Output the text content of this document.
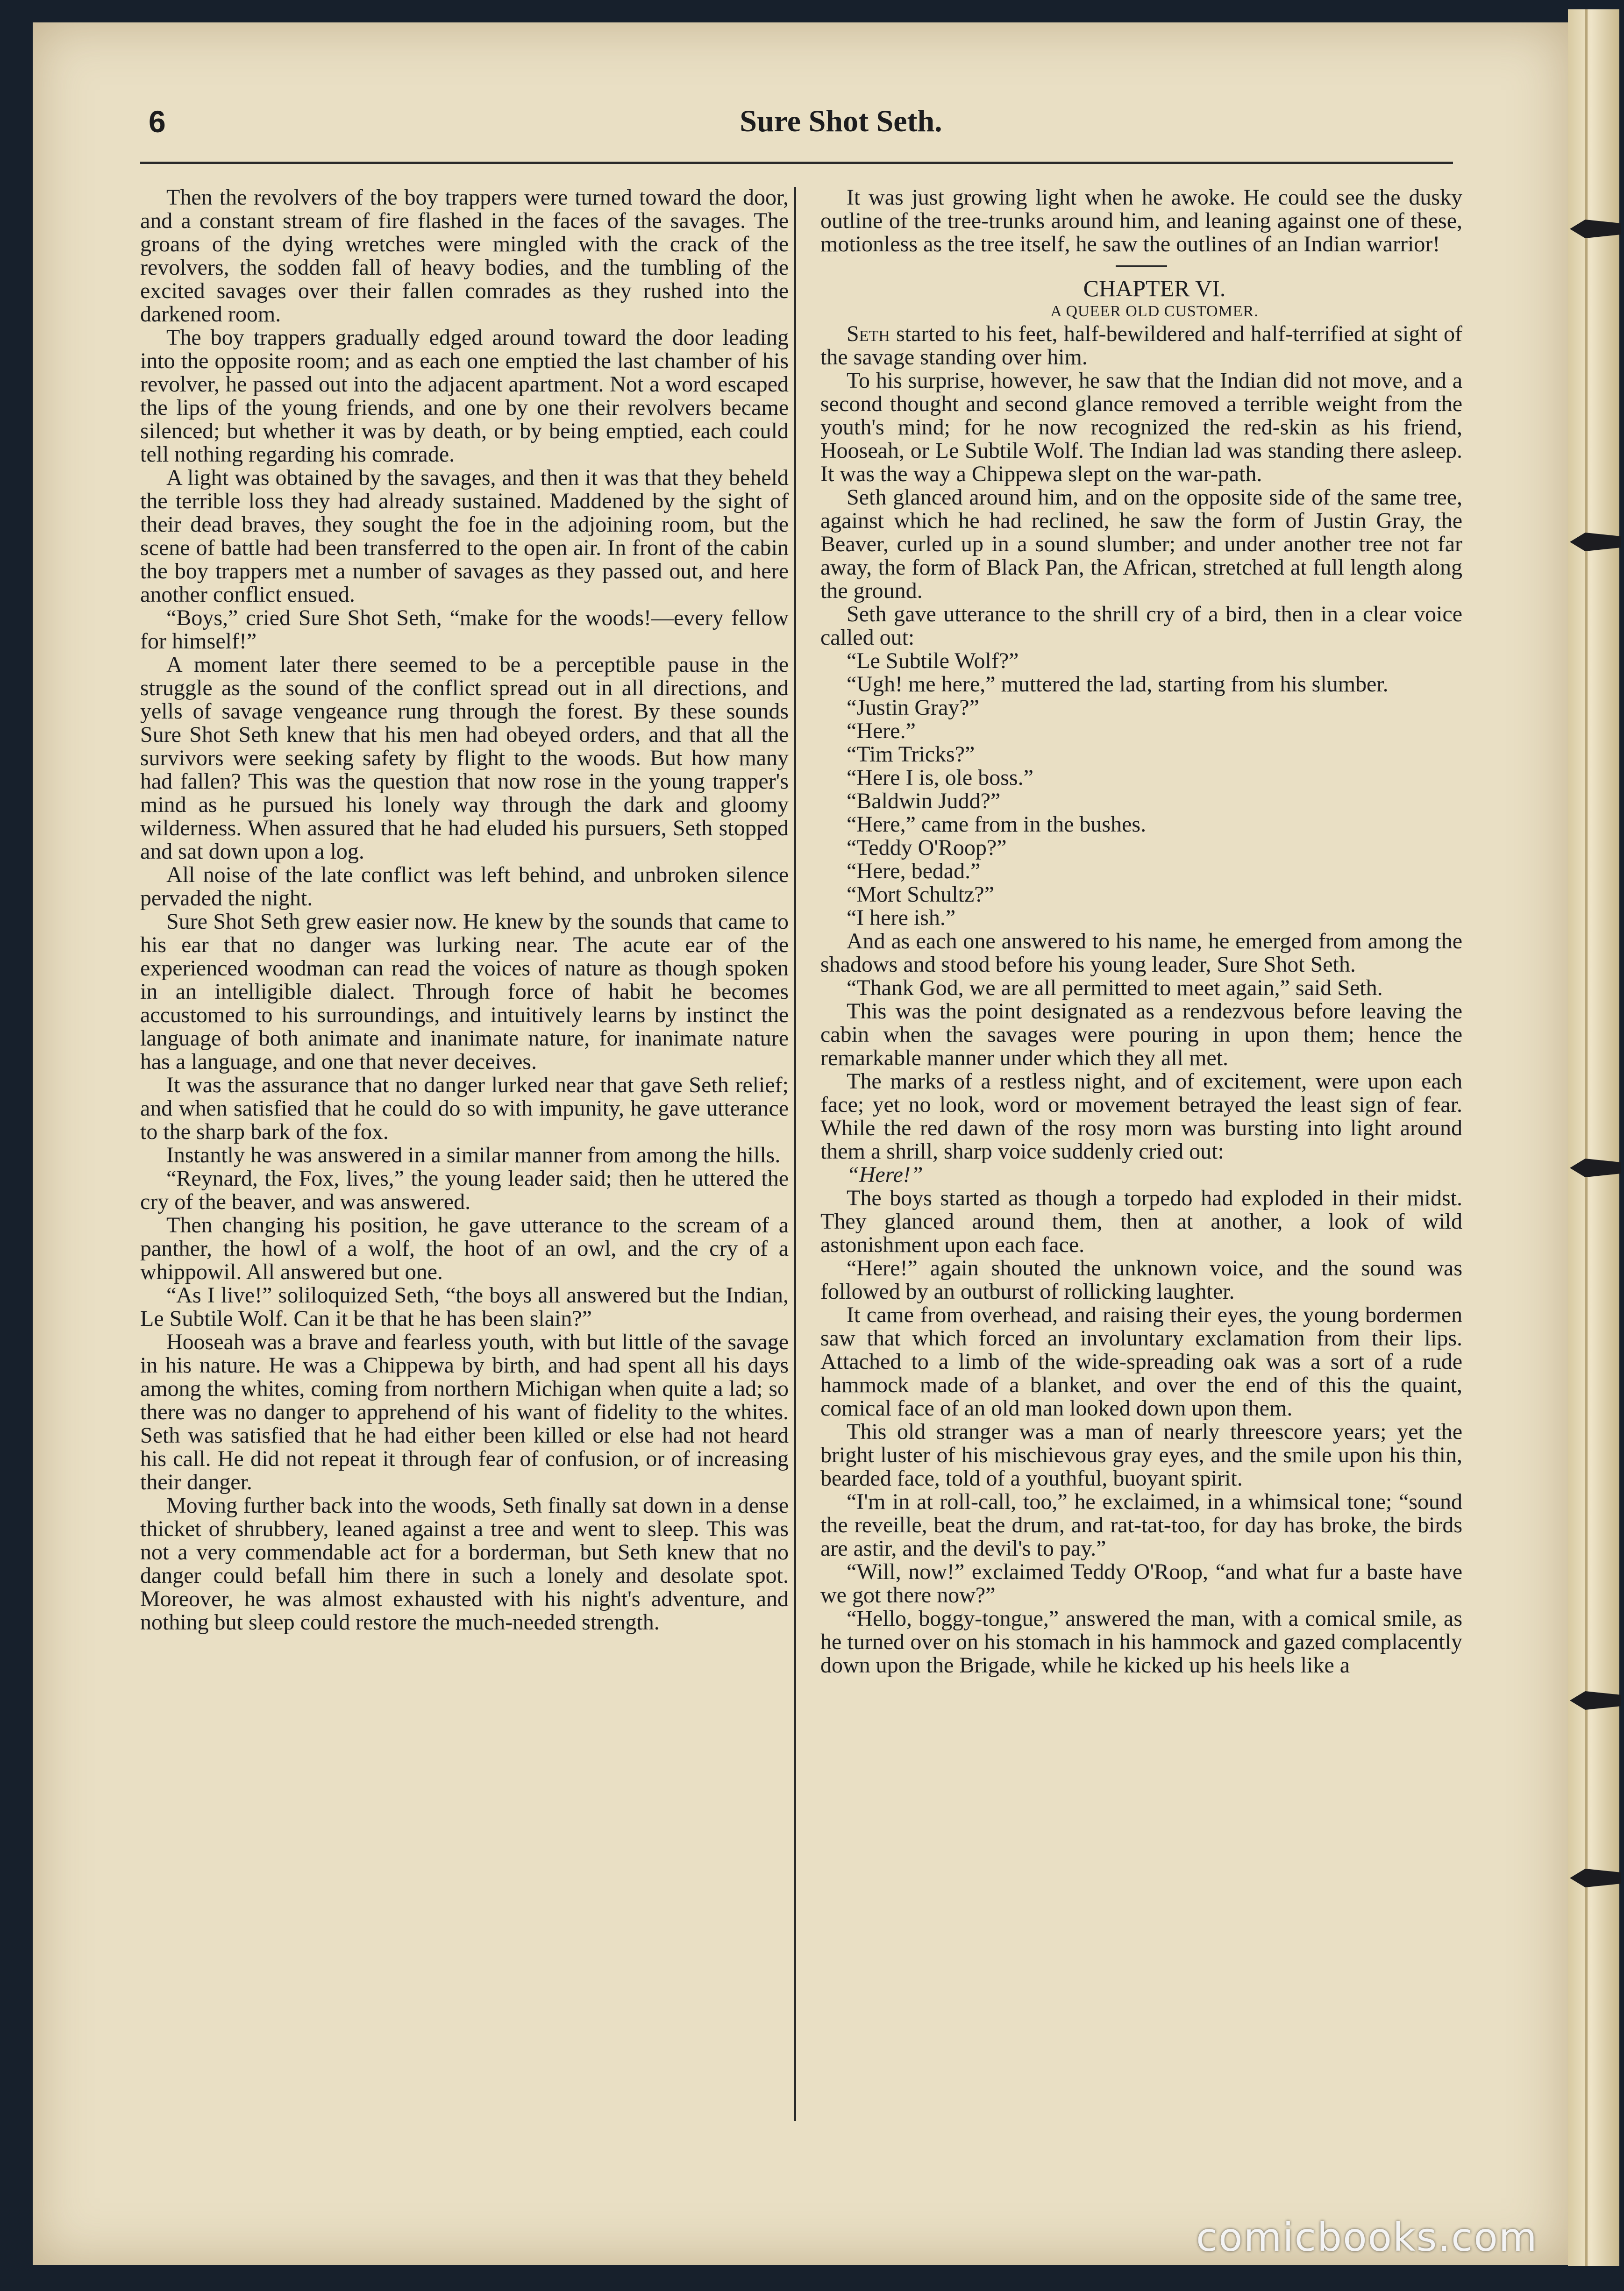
6	Sure Shot Seth.

Then the revolvers of the boy trappers were turned toward the door, and a constant stream of fire flashed in the faces of the savages. The groans of the dying wretches were mingled with the crack of the revolvers, the sodden fall of heavy bodies, and the tumbling of the excited savages over their fallen comrades as they rushed into the darkened room.

The boy trappers gradually edged around toward the door leading into the opposite room; and as each one emptied the last chamber of his revolver, he passed out into the adjacent apartment. Not a word escaped the lips of the young friends, and one by one their revolvers became silenced; but whether it was by death, or by being emptied, each could tell nothing regarding his comrade.

A light was obtained by the savages, and then it was that they beheld the terrible loss they had already sustained. Maddened by the sight of their dead braves, they sought the foe in the adjoining room, but the scene of battle had been transferred to the open air. In front of the cabin the boy trappers met a number of savages as they passed out, and here another conflict ensued.

“Boys,” cried Sure Shot Seth, “make for the woods!—every fellow for himself!”

A moment later there seemed to be a perceptible pause in the struggle as the sound of the conflict spread out in all directions, and yells of savage vengeance rung through the forest. By these sounds Sure Shot Seth knew that his men had obeyed orders, and that all the survivors were seeking safety by flight to the woods. But how many had fallen? This was the question that now rose in the young trapper's mind as he pursued his lonely way through the dark and gloomy wilderness. When assured that he had eluded his pursuers, Seth stopped and sat down upon a log.

All noise of the late conflict was left behind, and unbroken silence pervaded the night.

Sure Shot Seth grew easier now. He knew by the sounds that came to his ear that no danger was lurking near. The acute ear of the experienced woodman can read the voices of nature as though spoken in an intelligible dialect. Through force of habit he becomes accustomed to his surroundings, and intuitively learns by instinct the language of both animate and inanimate nature, for inanimate nature has a language, and one that never deceives.

It was the assurance that no danger lurked near that gave Seth relief; and when satisfied that he could do so with impunity, he gave utterance to the sharp bark of the fox.

Instantly he was answered in a similar manner from among the hills.

“Reynard, the Fox, lives,” the young leader said; then he uttered the cry of the beaver, and was answered.

Then changing his position, he gave utterance to the scream of a panther, the howl of a wolf, the hoot of an owl, and the cry of a whippowil. All answered but one.

“As I live!” soliloquized Seth, “the boys all answered but the Indian, Le Subtile Wolf. Can it be that he has been slain?”

Hooseah was a brave and fearless youth, with but little of the savage in his nature. He was a Chippewa by birth, and had spent all his days among the whites, coming from northern Michigan when quite a lad; so there was no danger to apprehend of his want of fidelity to the whites. Seth was satisfied that he had either been killed or else had not heard his call. He did not repeat it through fear of confusion, or of increasing their danger.

Moving further back into the woods, Seth finally sat down in a dense thicket of shrubbery, leaned against a tree and went to sleep. This was not a very commendable act for a borderman, but Seth knew that no danger could befall him there in such a lonely and desolate spot. Moreover, he was almost exhausted with his night's adventure, and nothing but sleep could restore the much-needed strength.

It was just growing light when he awoke. He could see the dusky outline of the tree-trunks around him, and leaning against one of these, motionless as the tree itself, he saw the outlines of an Indian warrior!

CHAPTER VI.

A QUEER OLD CUSTOMER.

Seth started to his feet, half-bewildered and half-terrified at sight of the savage standing over him.

To his surprise, however, he saw that the Indian did not move, and a second thought and second glance removed a terrible weight from the youth's mind; for he now recognized the red-skin as his friend, Hooseah, or Le Subtile Wolf. The Indian lad was standing there asleep. It was the way a Chippewa slept on the war-path.

Seth glanced around him, and on the opposite side of the same tree, against which he had reclined, he saw the form of Justin Gray, the Beaver, curled up in a sound slumber; and under another tree not far away, the form of Black Pan, the African, stretched at full length along the ground.

Seth gave utterance to the shrill cry of a bird, then in a clear voice called out:

“Le Subtile Wolf?”

“Ugh! me here,” muttered the lad, starting from his slumber.

“Justin Gray?”

“Here.”

“Tim Tricks?”

“Here I is, ole boss.”

“Baldwin Judd?”

“Here,” came from in the bushes.

“Teddy O'Roop?”

“Here, bedad.”

“Mort Schultz?”

“I here ish.”

And as each one answered to his name, he emerged from among the shadows and stood before his young leader, Sure Shot Seth.

“Thank God, we are all permitted to meet again,” said Seth.

This was the point designated as a rendezvous before leaving the cabin when the savages were pouring in upon them; hence the remarkable manner under which they all met.

The marks of a restless night, and of excitement, were upon each face; yet no look, word or movement betrayed the least sign of fear. While the red dawn of the rosy morn was bursting into light around them a shrill, sharp voice suddenly cried out:

“Here!”

The boys started as though a torpedo had exploded in their midst. They glanced around them, then at another, a look of wild astonishment upon each face.

“Here!” again shouted the unknown voice, and the sound was followed by an outburst of rollicking laughter.

It came from overhead, and raising their eyes, the young bordermen saw that which forced an involuntary exclamation from their lips. Attached to a limb of the wide-spreading oak was a sort of a rude hammock made of a blanket, and over the end of this the quaint, comical face of an old man looked down upon them.

This old stranger was a man of nearly threescore years; yet the bright luster of his mischievous gray eyes, and the smile upon his thin, bearded face, told of a youthful, buoyant spirit.

“I'm in at roll-call, too,” he exclaimed, in a whimsical tone; “sound the reveille, beat the drum, and rat-tat-too, for day has broke, the birds are astir, and the devil's to pay.”

“Will, now!” exclaimed Teddy O'Roop, “and what fur a baste have we got there now?”

“Hello, boggy-tongue,” answered the man, with a comical smile, as he turned over on his stomach in his hammock and gazed complacently down upon the Brigade, while he kicked up his heels like a

comicbooks.com
